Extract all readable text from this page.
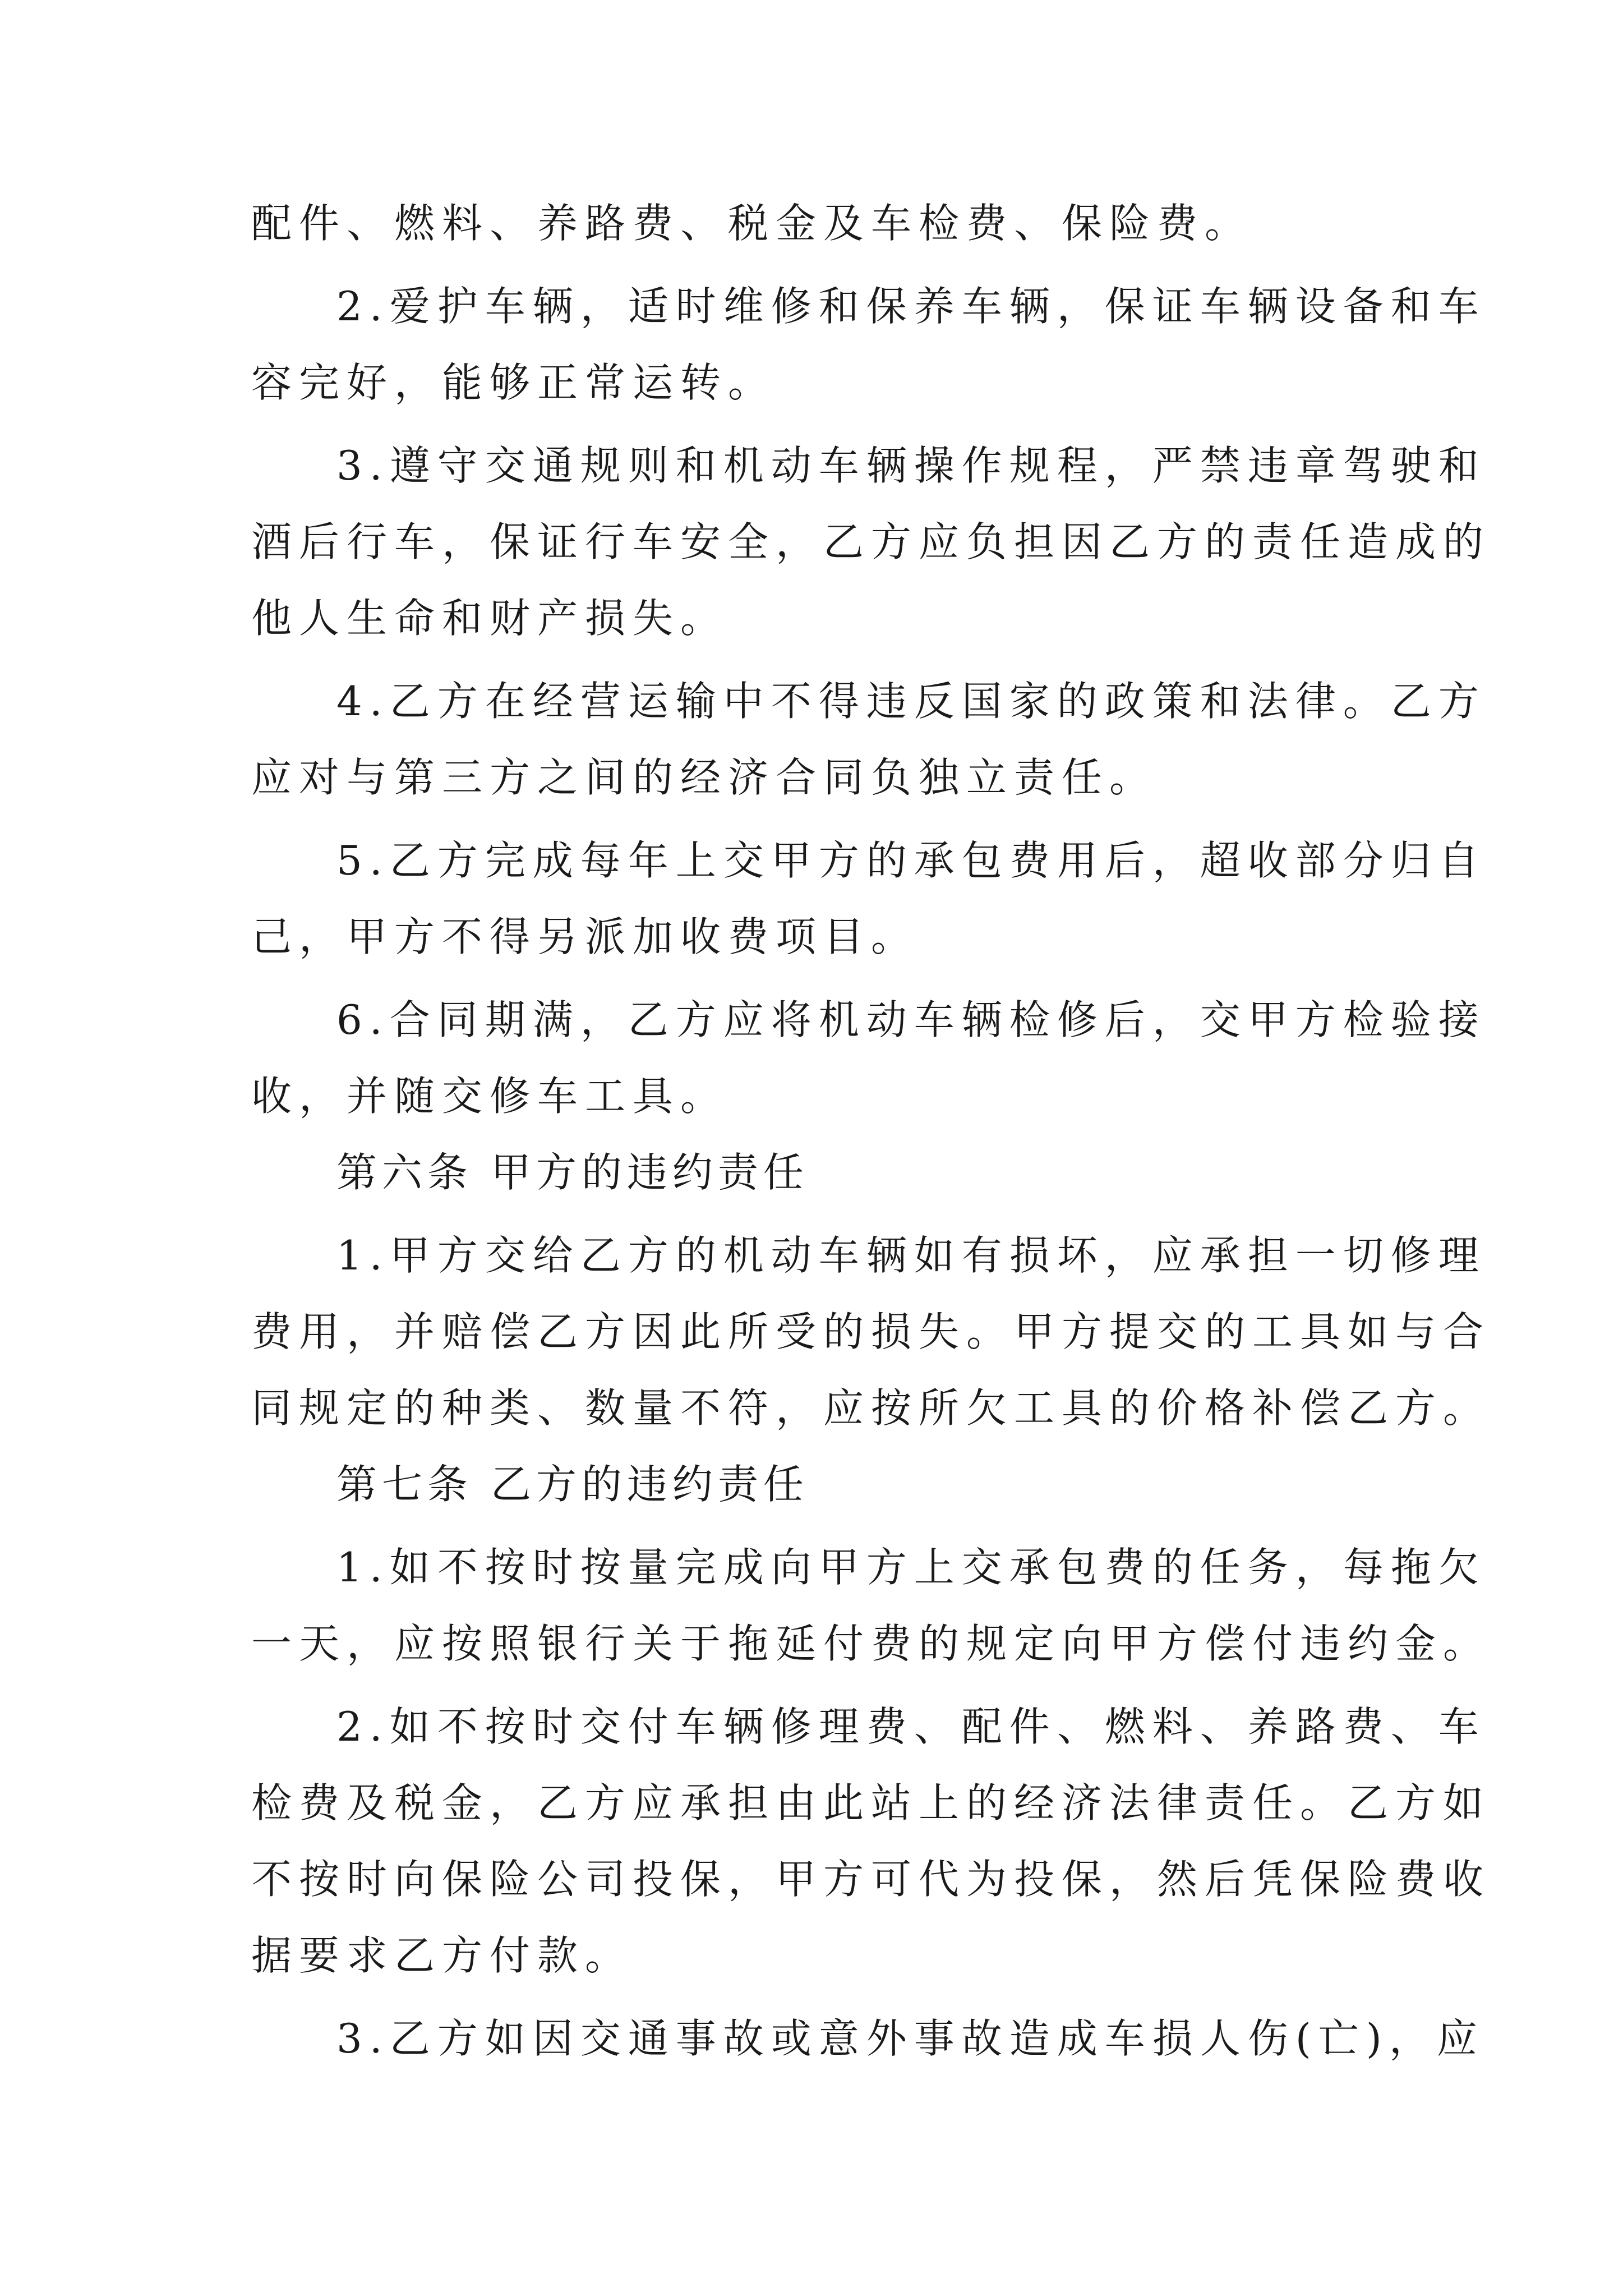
配件、燃料、养路费、税金及车检费、保险费。
2.爱护车辆，适时维修和保养车辆，保证车辆设备和车
容完好，能够正常运转。
3.遵守交通规则和机动车辆操作规程，严禁违章驾驶和
酒后行车，保证行车安全，乙方应负担因乙方的责任造成的
他人生命和财产损失。
4.乙方在经营运输中不得违反国家的政策和法律。乙方
应对与第三方之间的经济合同负独立责任。
5.乙方完成每年上交甲方的承包费用后，超收部分归自
己，甲方不得另派加收费项目。
6.合同期满，乙方应将机动车辆检修后，交甲方检验接
收，并随交修车工具。
第六条 甲方的违约责任
1.甲方交给乙方的机动车辆如有损坏，应承担一切修理
费用，并赔偿乙方因此所受的损失。甲方提交的工具如与合
同规定的种类、数量不符，应按所欠工具的价格补偿乙方。
第七条 乙方的违约责任
1.如不按时按量完成向甲方上交承包费的任务，每拖欠
一天，应按照银行关于拖延付费的规定向甲方偿付违约金。
2.如不按时交付车辆修理费、配件、燃料、养路费、车
检费及税金，乙方应承担由此站上的经济法律责任。乙方如
不按时向保险公司投保，甲方可代为投保，然后凭保险费收
据要求乙方付款。
3.乙方如因交通事故或意外事故造成车损人伤(亡)，应
